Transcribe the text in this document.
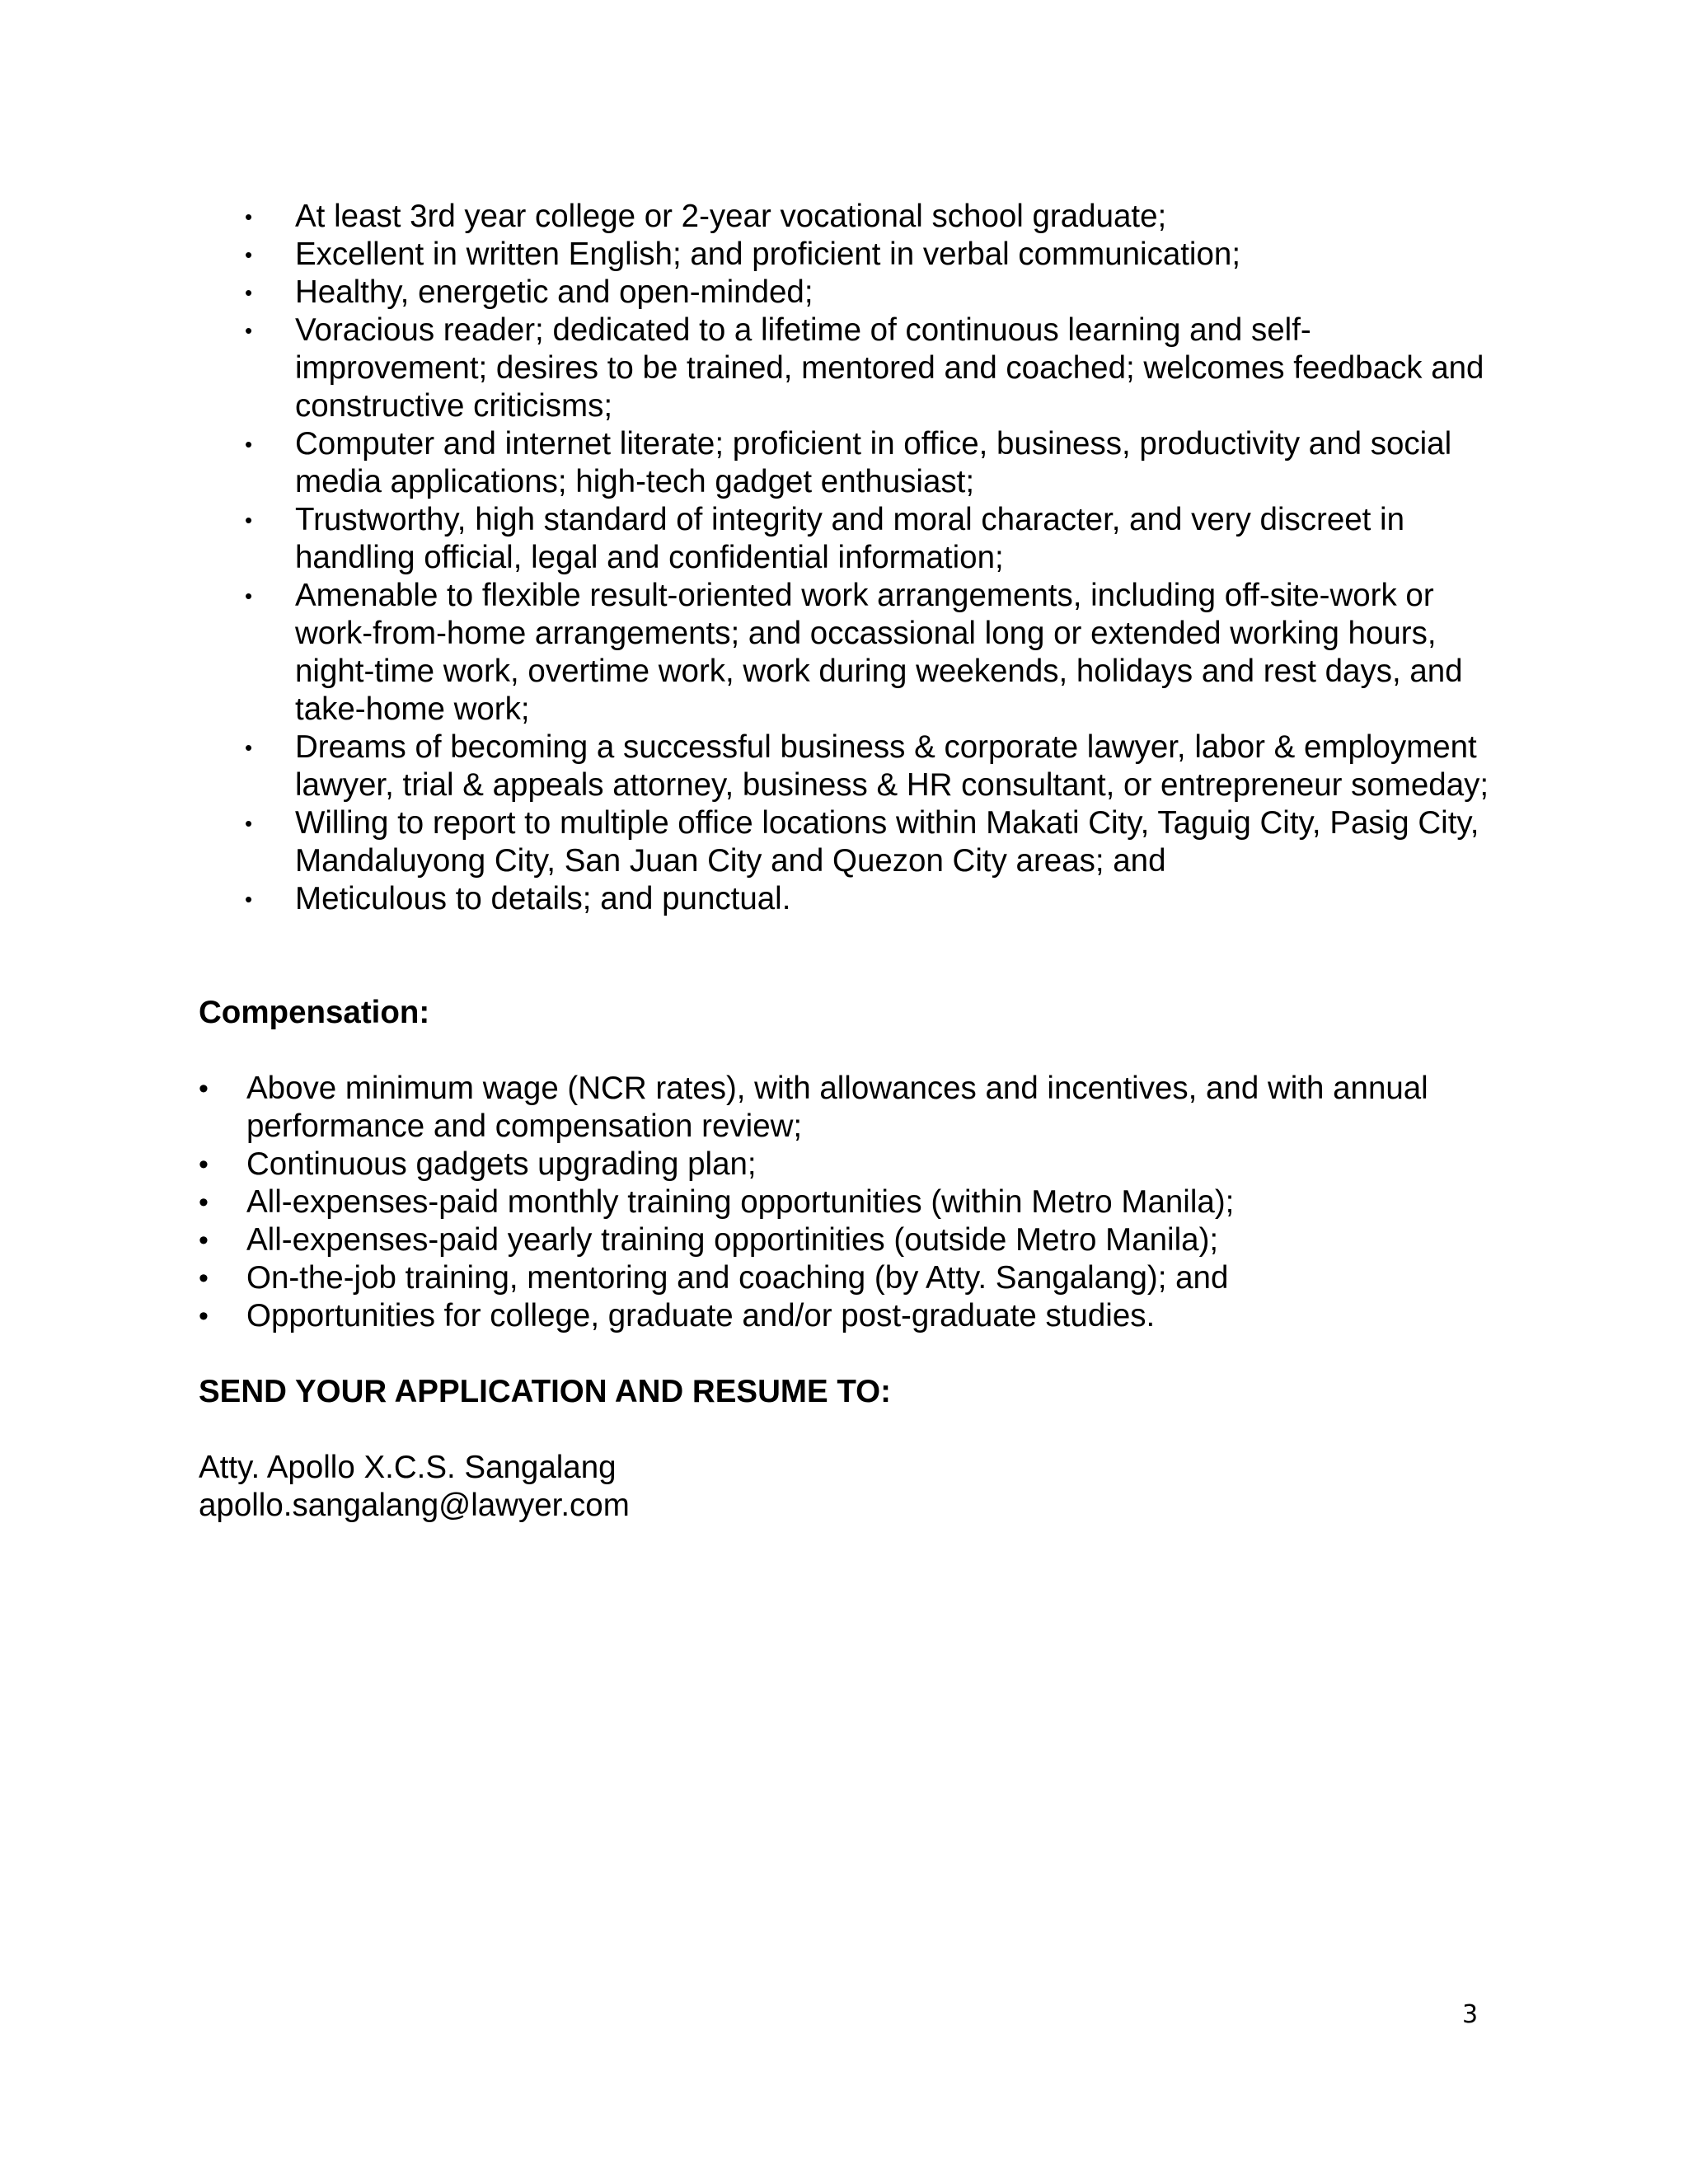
• At least 3rd year college or 2-year vocational school graduate;
• Excellent in written English; and proficient in verbal communication;
• Healthy, energetic and open-minded;
• Voracious reader; dedicated to a lifetime of continuous learning and self-improvement; desires to be trained, mentored and coached; welcomes feedback and constructive criticisms;
• Computer and internet literate; proficient in office, business, productivity and social media applications; high-tech gadget enthusiast;
• Trustworthy, high standard of integrity and moral character, and very discreet in handling official, legal and confidential information;
• Amenable to flexible result-oriented work arrangements, including off-site-work or work-from-home arrangements; and occassional long or extended working hours, night-time work, overtime work, work during weekends, holidays and rest days, and take-home work;
• Dreams of becoming a successful business & corporate lawyer, labor & employment lawyer, trial & appeals attorney, business & HR consultant, or entrepreneur someday;
• Willing to report to multiple office locations within Makati City, Taguig City, Pasig City, Mandaluyong City, San Juan City and Quezon City areas; and
• Meticulous to details; and punctual.
Compensation:
• Above minimum wage (NCR rates), with allowances and incentives, and with annual performance and compensation review;
• Continuous gadgets upgrading plan;
• All-expenses-paid monthly training opportunities (within Metro Manila);
• All-expenses-paid yearly training opportinities (outside Metro Manila);
• On-the-job training, mentoring and coaching (by Atty. Sangalang); and
• Opportunities for college, graduate and/or post-graduate studies.
SEND YOUR APPLICATION AND RESUME TO:
Atty. Apollo X.C.S. Sangalang
apollo.sangalang@lawyer.com
3
